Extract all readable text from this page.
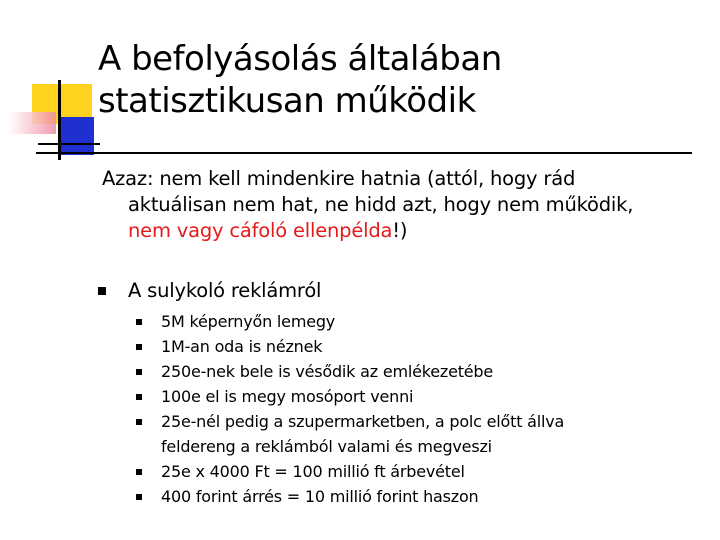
A befolyásolás általában
statisztikusan működik
Azaz: nem kell mindenkire hatnia (attól, hogy rád
aktuálisan nem hat, ne hidd azt, hogy nem működik,
nem vagy cáfoló ellenpélda!)
A sulykoló reklámról
5M képernyőn lemegy
1M-an oda is néznek
250e-nek bele is vésődik az emlékezetébe
100e el is megy mosóport venni
25e-nél pedig a szupermarketben, a polc előtt állva
feldereng a reklámból valami és megveszi
25e x 4000 Ft = 100 millió ft árbevétel
400 forint árrés = 10 millió forint haszon
